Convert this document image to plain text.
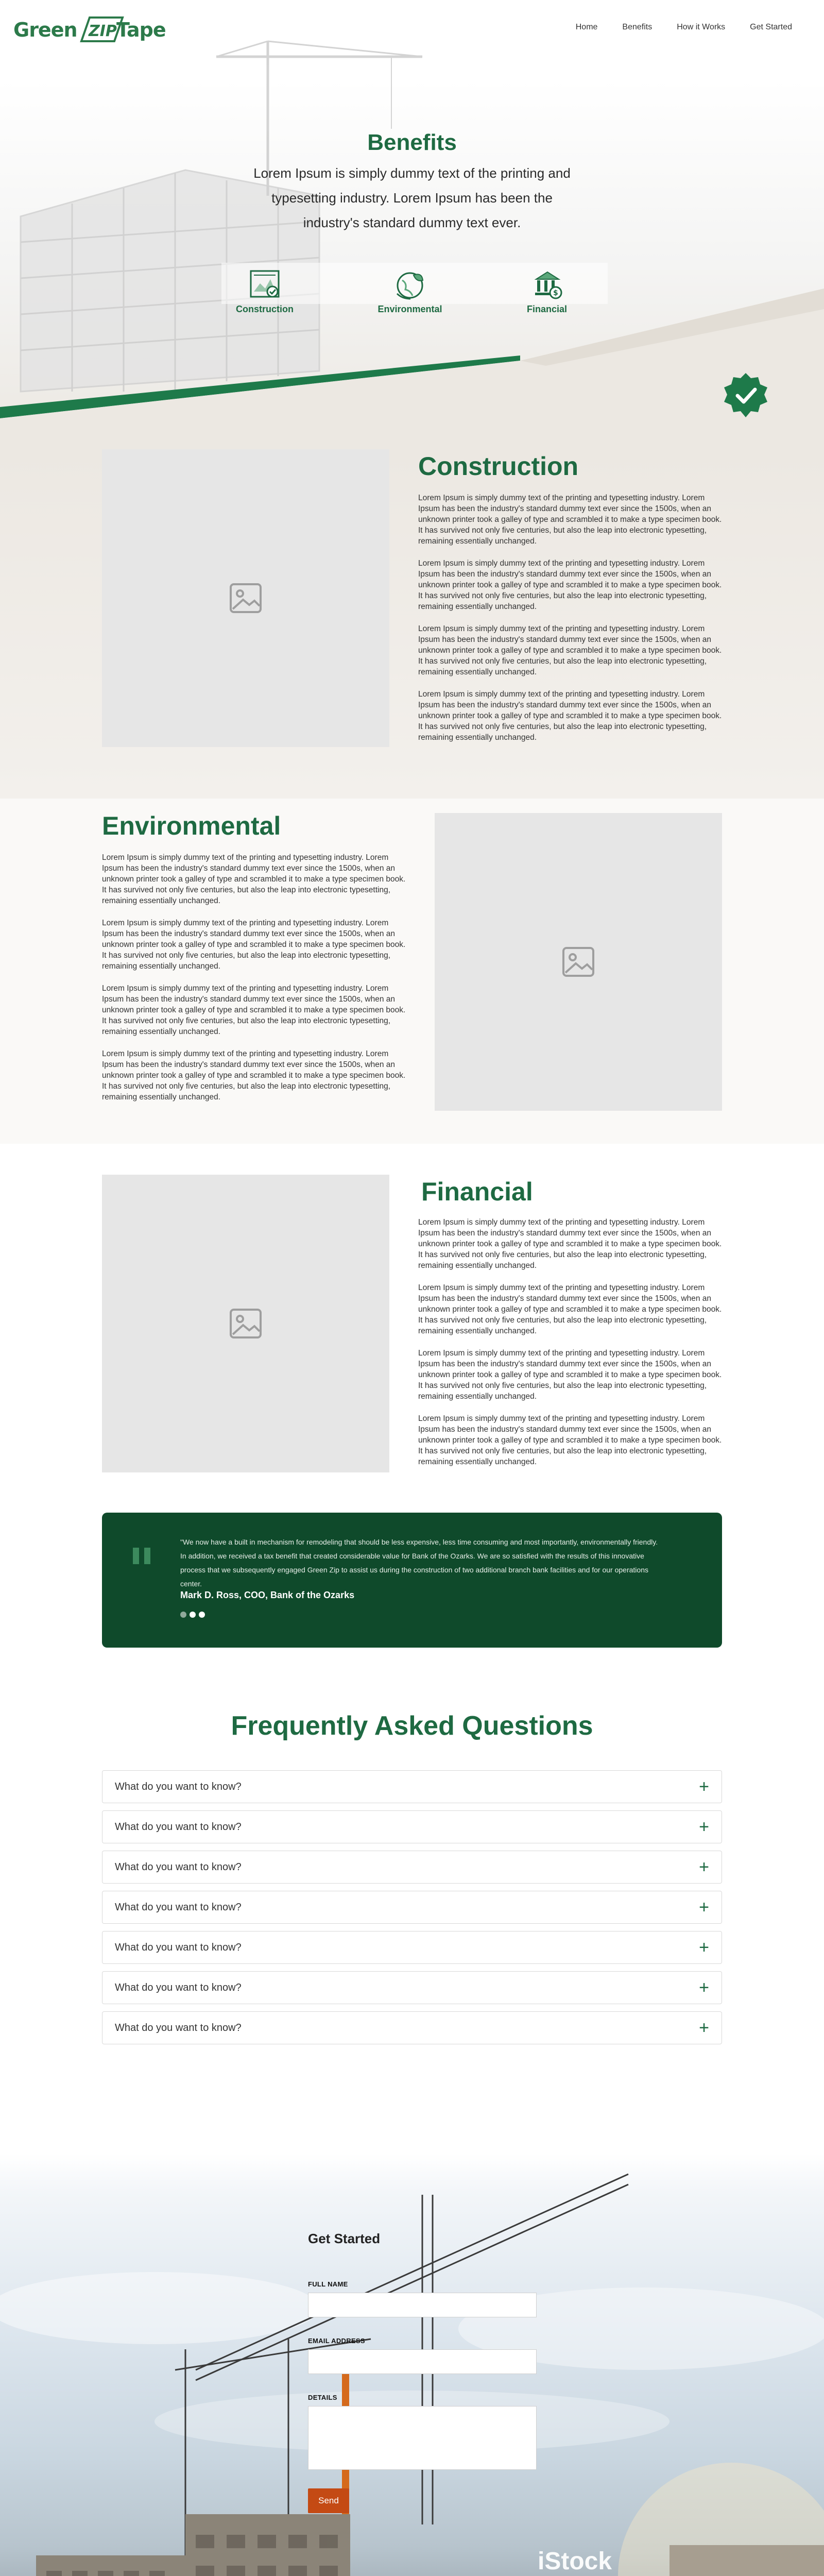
Green ZIP Tape	Home	Benefits	How it Works	Get Started
Benefits

Lorem Ipsum is simply dummy text of the printing and typesetting industry. Lorem Ipsum has been the industry's standard dummy text ever.

Construction	Environmental
$
Financial
Construction

Lorem Ipsum is simply dummy text of the printing and typesetting industry. Lorem Ipsum has been the industry's standard dummy text ever since the 1500s, when an unknown printer took a galley of type and scrambled it to make a type specimen book. It has survived not only five centuries, but also the leap into electronic typesetting, remaining essentially unchanged.

Lorem Ipsum is simply dummy text of the printing and typesetting industry. Lorem Ipsum has been the industry's standard dummy text ever since the 1500s, when an unknown printer took a galley of type and scrambled it to make a type specimen book. It has survived not only five centuries, but also the leap into electronic typesetting, remaining essentially unchanged.

Lorem Ipsum is simply dummy text of the printing and typesetting industry. Lorem Ipsum has been the industry's standard dummy text ever since the 1500s, when an unknown printer took a galley of type and scrambled it to make a type specimen book. It has survived not only five centuries, but also the leap into electronic typesetting, remaining essentially unchanged.

Lorem Ipsum is simply dummy text of the printing and typesetting industry. Lorem Ipsum has been the industry's standard dummy text ever since the 1500s, when an unknown printer took a galley of type and scrambled it to make a type specimen book. It has survived not only five centuries, but also the leap into electronic typesetting, remaining essentially unchanged.

Environmental

Lorem Ipsum is simply dummy text of the printing and typesetting industry. Lorem Ipsum has been the industry's standard dummy text ever since the 1500s, when an unknown printer took a galley of type and scrambled it to make a type specimen book. It has survived not only five centuries, but also the leap into electronic typesetting, remaining essentially unchanged.

Lorem Ipsum is simply dummy text of the printing and typesetting industry. Lorem Ipsum has been the industry's standard dummy text ever since the 1500s, when an unknown printer took a galley of type and scrambled it to make a type specimen book. It has survived not only five centuries, but also the leap into electronic typesetting, remaining essentially unchanged.

Lorem Ipsum is simply dummy text of the printing and typesetting industry. Lorem Ipsum has been the industry's standard dummy text ever since the 1500s, when an unknown printer took a galley of type and scrambled it to make a type specimen book. It has survived not only five centuries, but also the leap into electronic typesetting, remaining essentially unchanged.

Lorem Ipsum is simply dummy text of the printing and typesetting industry. Lorem Ipsum has been the industry's standard dummy text ever since the 1500s, when an unknown printer took a galley of type and scrambled it to make a type specimen book. It has survived not only five centuries, but also the leap into electronic typesetting, remaining essentially unchanged.

Financial

Lorem Ipsum is simply dummy text of the printing and typesetting industry. Lorem Ipsum has been the industry's standard dummy text ever since the 1500s, when an unknown printer took a galley of type and scrambled it to make a type specimen book. It has survived not only five centuries, but also the leap into electronic typesetting, remaining essentially unchanged.

Lorem Ipsum is simply dummy text of the printing and typesetting industry. Lorem Ipsum has been the industry's standard dummy text ever since the 1500s, when an unknown printer took a galley of type and scrambled it to make a type specimen book. It has survived not only five centuries, but also the leap into electronic typesetting, remaining essentially unchanged.

Lorem Ipsum is simply dummy text of the printing and typesetting industry. Lorem Ipsum has been the industry's standard dummy text ever since the 1500s, when an unknown printer took a galley of type and scrambled it to make a type specimen book. It has survived not only five centuries, but also the leap into electronic typesetting, remaining essentially unchanged.

Lorem Ipsum is simply dummy text of the printing and typesetting industry. Lorem Ipsum has been the industry's standard dummy text ever since the 1500s, when an unknown printer took a galley of type and scrambled it to make a type specimen book. It has survived not only five centuries, but also the leap into electronic typesetting, remaining essentially unchanged.

"We now have a built in mechanism for remodeling that should be less expensive, less time consuming and most importantly, environmentally friendly. In addition, we received a tax benefit that created considerable value for Bank of the Ozarks. We are so satisfied with the results of this innovative process that we subsequently engaged Green Zip to assist us during the construction of two additional branch bank facilities and for our operations center.

Mark D. Ross, COO, Bank of the Ozarks

Frequently Asked Questions
What do you want to know?	+
What do you want to know?	+
What do you want to know?	+
What do you want to know?	+
What do you want to know?	+
What do you want to know?	+
What do you want to know?	+
Get Started
FULL NAME
EMAIL ADDRESS
DETAILS
Send
iStock
